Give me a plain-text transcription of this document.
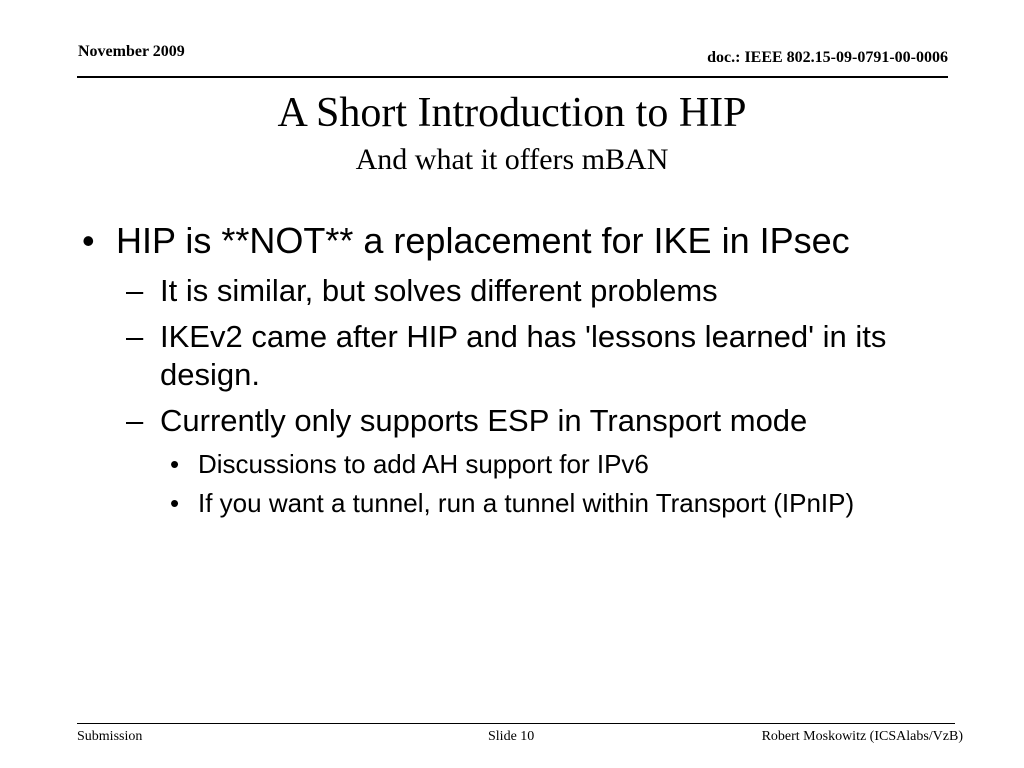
November 2009	doc.: IEEE 802.15-09-0791-00-0006
A Short Introduction to HIP
And what it offers mBAN
• HIP is **NOT** a replacement for IKE in IPsec
– It is similar, but solves different problems
– IKEv2 came after HIP and has 'lessons learned' in its design.
– Currently only supports ESP in Transport mode
• Discussions to add AH support for IPv6
• If you want a tunnel, run a tunnel within Transport (IPnIP)
Submission	Slide 10	Robert Moskowitz (ICSAlabs/VzB)
